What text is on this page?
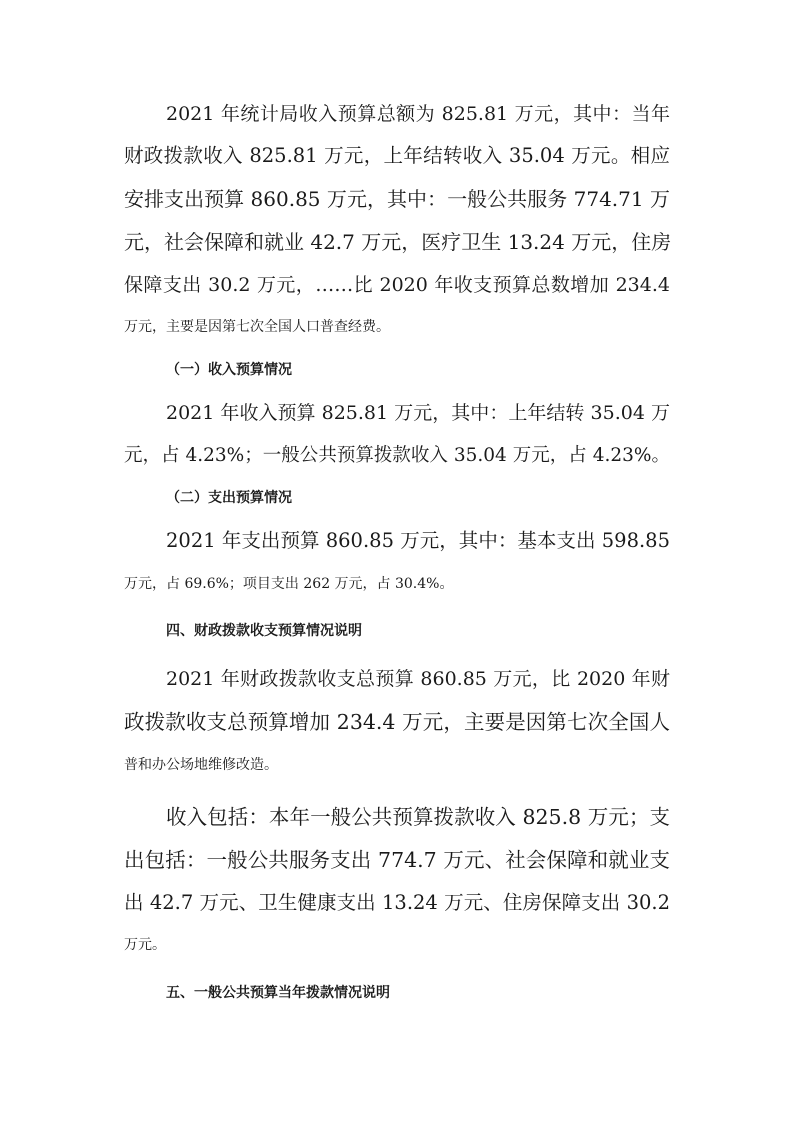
2021 年统计局收入预算总额为 825.81 万元，其中：当年
财政拨款收入 825.81 万元，上年结转收入 35.04 万元。相应
安排支出预算 860.85 万元，其中：一般公共服务 774.71 万
元，社会保障和就业 42.7 万元，医疗卫生 13.24 万元，住房
保障支出 30.2 万元，……比 2020 年收支预算总数增加 234.4
万元，主要是因第七次全国人口普查经费。
（一）收入预算情况
2021 年收入预算 825.81 万元，其中：上年结转 35.04 万
元，占 4.23%；一般公共预算拨款收入 35.04 万元，占 4.23%。
（二）支出预算情况
2021 年支出预算 860.85 万元，其中：基本支出 598.85
万元，占 69.6%；项目支出 262 万元，占 30.4%。
四、财政拨款收支预算情况说明
2021 年财政拨款收支总预算 860.85 万元，比 2020 年财
政拨款收支总预算增加 234.4 万元，主要是因第七次全国人
普和办公场地维修改造。
收入包括：本年一般公共预算拨款收入 825.8 万元；支
出包括：一般公共服务支出 774.7 万元、社会保障和就业支
出 42.7 万元、卫生健康支出 13.24 万元、住房保障支出 30.2
万元。
五、一般公共预算当年拨款情况说明
